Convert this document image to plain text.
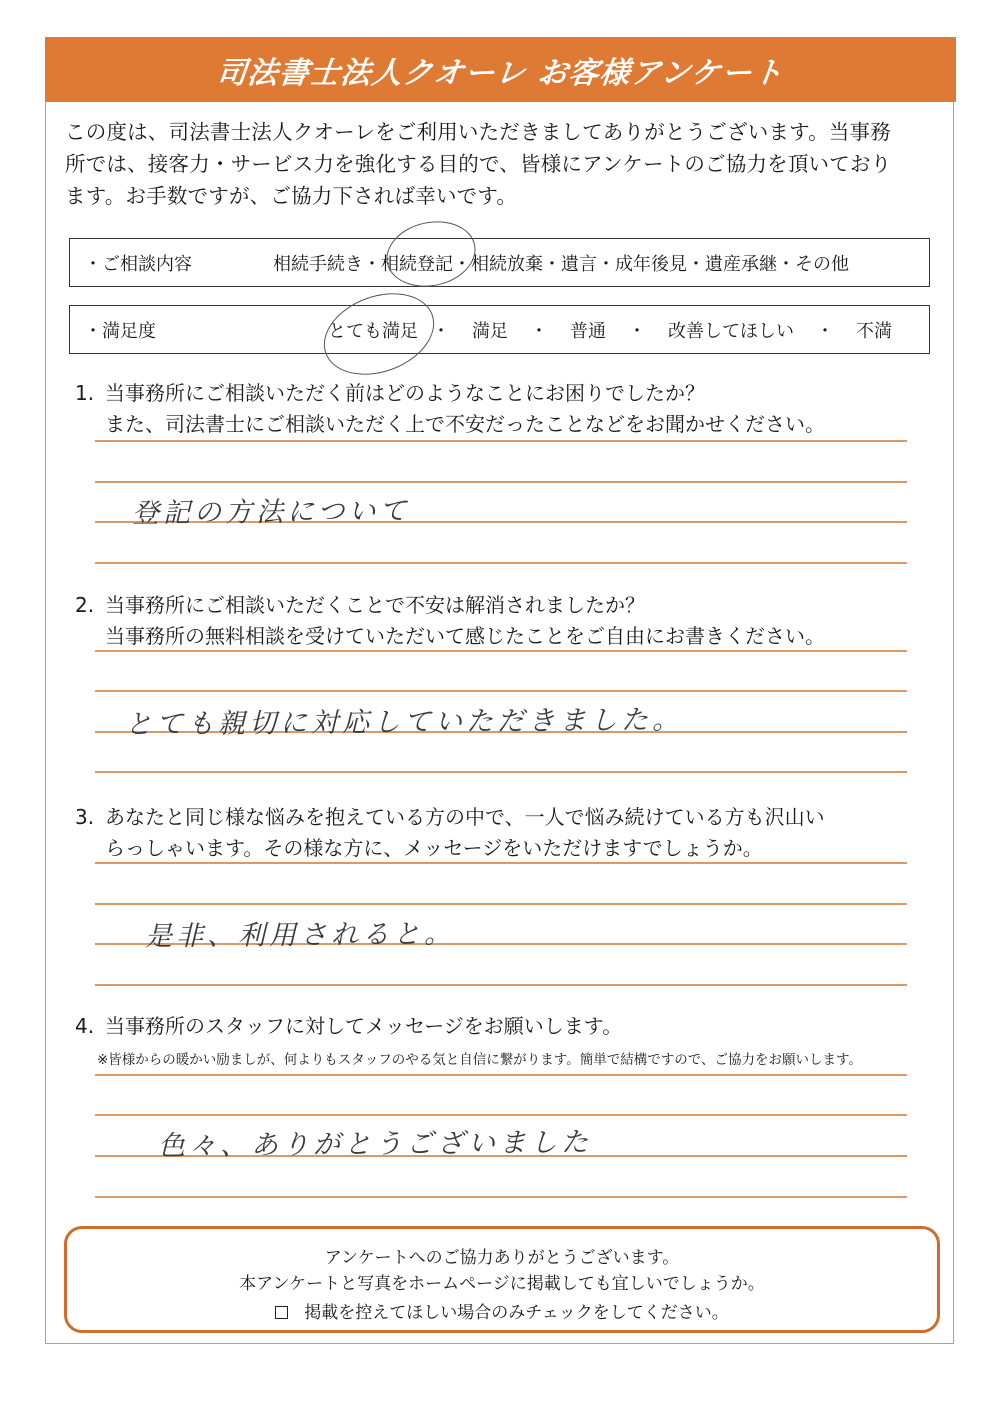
司法書士法人クオーレ お客様アンケート
この度は、司法書士法人クオーレをご利用いただきましてありがとうございます。当事務
所では、接客力・サービス力を強化する目的で、皆様にアンケートのご協力を頂いており
ます。お手数ですが、ご協力下されば幸いです。
・ご相談内容	相続手続き ・ 相続登記 ・ 相続放棄 ・ 遺言 ・ 成年後見 ・ 遺産承継 ・ その他
・満足度	とても満足 ・ 満足 ・ 普通 ・ 改善してほしい ・ 不満
1. 当事務所にご相談いただく前はどのようなことにお困りでしたか？
また、司法書士にご相談いただく上で不安だったことなどをお聞かせください。
登記の方法について
2. 当事務所にご相談いただくことで不安は解消されましたか？
当事務所の無料相談を受けていただいて感じたことをご自由にお書きください。
とても親切に対応していただきました。
3. あなたと同じ様な悩みを抱えている方の中で、一人で悩み続けている方も沢山い
らっしゃいます。その様な方に、メッセージをいただけますでしょうか。
是非、利用されると。
4. 当事務所のスタッフに対してメッセージをお願いします。
※皆様からの暖かい励ましが、何よりもスタッフのやる気と自信に繋がります。簡単で結構ですので、ご協力をお願いします。
色々、ありがとうございました
アンケートへのご協力ありがとうございます。
本アンケートと写真をホームページに掲載しても宜しいでしょうか。
掲載を控えてほしい場合のみチェックをしてください。
